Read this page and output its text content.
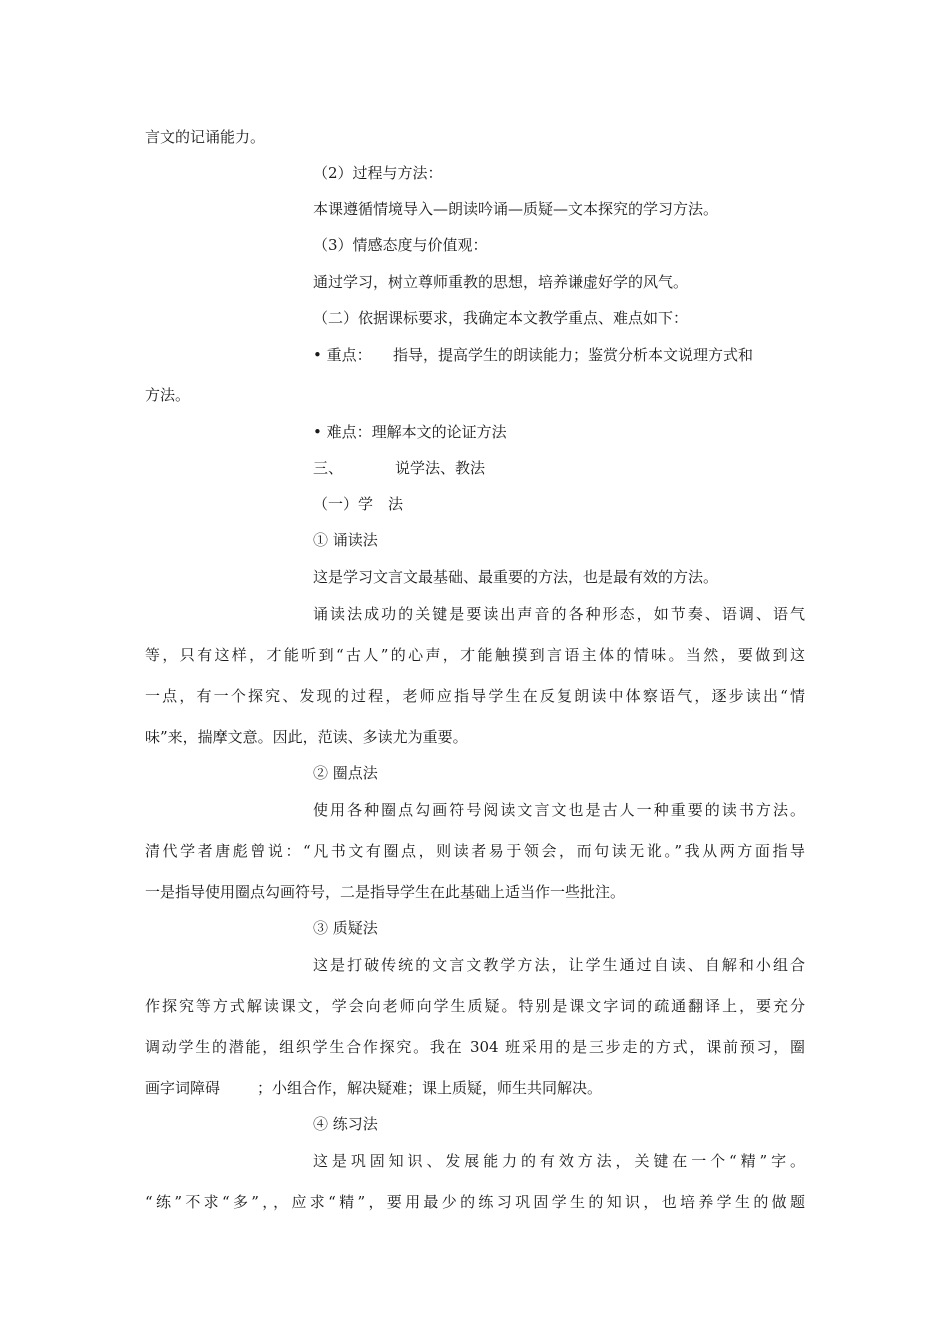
言文的记诵能力。
（2）过程与方法：
本课遵循情境导入—朗读吟诵—质疑—文本探究的学习方法。
（3）情感态度与价值观：
通过学习，树立尊师重教的思想，培养谦虚好学的风气。
（二）依据课标要求，我确定本文教学重点、难点如下：
• 重点： 指导，提高学生的朗读能力；鉴赏分析本文说理方式和
方法。
• 难点：理解本文的论证方法
三、	说学法、教法
（一）学　法
① 诵读法
这是学习文言文最基础、最重要的方法，也是最有效的方法。
诵读法成功的关键是要读出声音的各种形态，如节奏、语调、语气
等，只有这样，才能听到“古人”的心声，才能触摸到言语主体的情味。当然，要做到这
一点，有一个探究、发现的过程，老师应指导学生在反复朗读中体察语气，逐步读出“情
味”来，揣摩文意。因此，范读、多读尤为重要。
② 圈点法
使用各种圈点勾画符号阅读文言文也是古人一种重要的读书方法。
清代学者唐彪曾说：“凡书文有圈点，则读者易于领会，而句读无讹。”我从两方面指导
一是指导使用圈点勾画符号，二是指导学生在此基础上适当作一些批注。
③ 质疑法
这是打破传统的文言文教学方法，让学生通过自读、自解和小组合
作探究等方式解读课文，学会向老师向学生质疑。特别是课文字词的疏通翻译上，要充分
调动学生的潜能，组织学生合作探究。我在 304 班采用的是三步走的方式，课前预习，圈
画字词障碍 ；小组合作，解决疑难；课上质疑，师生共同解决。
④ 练习法
这是巩固知识、发展能力的有效方法，关键在一个“精”字。
“练”不求“多”，，应求“精”，要用最少的练习巩固学生的知识，也培养学生的做题
